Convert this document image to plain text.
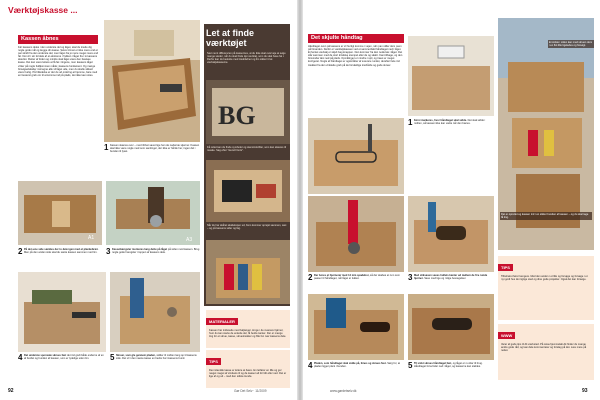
Værktøjskasse ...
Kassen åbnes

Før kassens deles i den underste del og låget, skal du træde dig nogle gode mål og lægge din kasse. Selve trinnet er ikke mere end et par skridt fra den underste del, men låget fra jo mere meget mere end før. Det vil i sin tid dele af et ekstreme i hvilken i låget fra i lo kassens skærlet. Fletter af foden og mindre skal låget være den basisee kasse. Det kan være lettere at få fat i tingene, men kassens låget virker på nogle fuldkommen måde i kassens fundament. Og mange forsøgselskaber må tegne alle vil låget ude, men du skulle sikkert være hurtig. På hilledelse er der du ud omkring at hjemme, bare med en bestemt greb om til at komme ind på plads, det ikke kan røres.

1 Kassen skæres over – med ribbet savet lige hen de nederste stjerner. Kassen skal ikke være nogle med som samlinger, der ikke er hårde her, ingen del i bunden til lyset.

A1	A3

2 På den ene side sæmles der to dele igen med et plankebræt. Men på den anden side skal du sætte kassen sammen med lim.	3 Kassehængsler monteres lang dette på låget på siden mod kassen. Brug nogle gode hængsler i toppen af kassens dele.

4 Det underste sponsale skrues fast det ind godt både enderne af en af bordet og bunden af kassen, som er tydelige uden lim.	5 Skruer, som gle gennem pladen, sidder til midten lang op til kassens side. Det vil i den næste kasse en bedre hal i kassens bund.

Let at finde
værktøjet

Sæt nemt differencen på kassernes, at du ikke skal overveje at søge mange steder, når du skal finde det værktøj, som du skal have fat i. Derfor kan du beslutte med trækrådner og lim sikker til at værktøjskasserne.

BG

Få rettet kan du finde symboler og stensil-skrifter, som kan skæres til maske. Søg efter "stencil fonts".

Når du har skåret skabelonen ud, frem kommer oprejst sammen, sæt – og på kassens sider og låg.

MATERIALER

Kassen har indretede med bøjlanger, kroge i de sværere hjørner, hvor du kan starte de enkelte del, få bedre kanter. Der er mange ting for et skrue, kasse, skruetrækker og fille fun nær kassens dele.

TIPS

Den islandsk kasse er lettere at bære. En letfører en lille og gur næget meget af vinduets til og de kasser alt for lidt eller ned. Det er lige af og ud – med den sidste kunde.

Det skjulte håndtag

Håndtaget oven på kassens er vil hurtigt komme i vejen, når man stiller dem oven på hinanden. Derfor er værktøjskassen ved et sammenfald håndtaget ned i låget. Et hentet værktøj er skjult bag knappen. Den kommer fra den nederste i låget. Det står sammen med de stort kristiske stempel eller de og skabt. Kant tilbage, og den forsvinder løst ned på plads. Opmålinger er mindre i spil, og træet er meget korrigeret. Nogle af håndtaget er også tåber af sværere rundet, derefter hele ind trækket fra den vinklede greb på de forskellige træhårde og gode skruer.

1 Først markeres, hvor håndtaget skal sidde. Det skal sidde i midten, så kassen ikke kan vælte når den bæres.

2 Der bores et hjørnerør med 14 mm spadebor, så der skabes et rum som passer til håndtaget, når låget er lukket.	3 Med stiksaven saves hullets kanter ud mellem de fire runde hjørner. Save med lige og rolige bevægelser.

4 Pladen, som håndtaget skal sidde på, limes og skrues fast. Sørg for, at pladen ligger plant i bunden.	5 Til sidst skrues håndtaget fast, og låget er nu klar til brug. Håndtaget forsvinder ned i låget, og kasserne kan stables.

Et sidste i siden kan med skruen dem i en flot lille ligeledes og forsøgt.

Det er oprettet og kassen ind i en sikker bunden af kassen – og du skal tage få ting.

TIPS

Tilbehøret fører længere. Med den anden i et lille og forsøge og forsøge i et nyt godt hus det rigtige sted og dine gode projekter. Også det kan forsøge.

WWW

Varer af gode tips til dit værksted. På www.hjemmelab.dk finder du mange andre gode råd, og kan dele kommentarer og forslag på det. Læs mere på nettet.

92	Gør Det Selv · 11/2009	www.gørdetselv.dk	93
